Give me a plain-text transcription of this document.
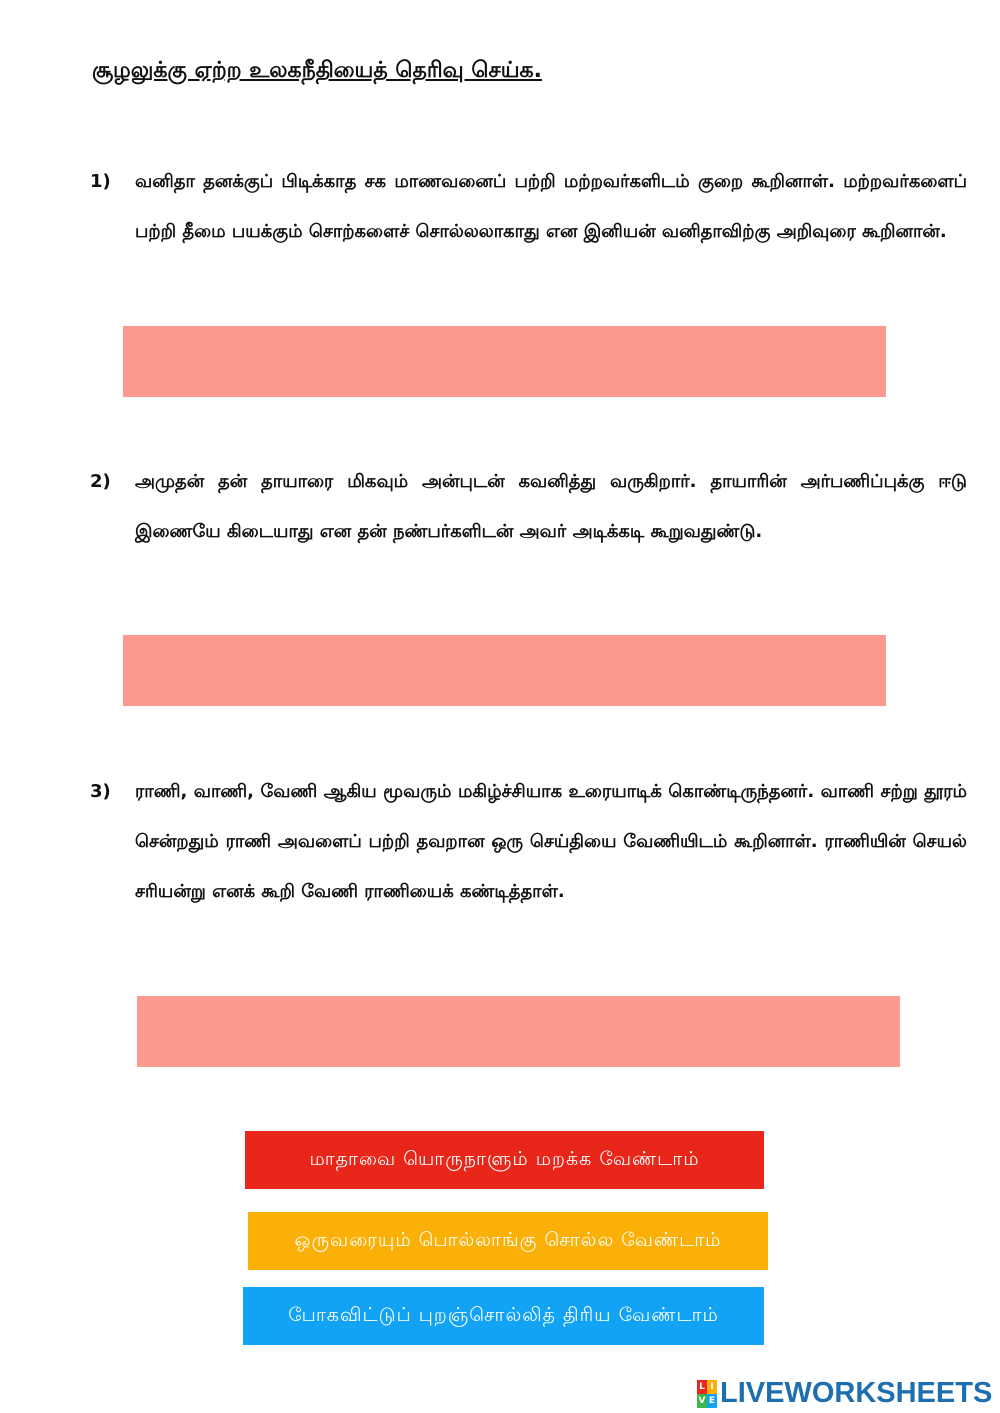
சூழலுக்கு ஏற்ற உலகநீதியைத் தெரிவு செய்க.
1) வனிதா தனக்குப் பிடிக்காத சக மாணவனைப் பற்றி மற்றவர்களிடம் குறை கூறினாள். மற்றவர்களைப் பற்றி தீமை பயக்கும் சொற்களைச் சொல்லலாகாது என இனியன் வனிதாவிற்கு அறிவுரை கூறினான்.
2) அமுதன் தன் தாயாரை மிகவும் அன்புடன் கவனித்து வருகிறார். தாயாரின் அர்பணிப்புக்கு ஈடு இணையே கிடையாது என தன் நண்பர்களிடன் அவர் அடிக்கடி கூறுவதுண்டு.
3) ராணி, வாணி, வேணி ஆகிய மூவரும் மகிழ்ச்சியாக உரையாடிக் கொண்டிருந்தனர். வாணி சற்று தூரம் சென்றதும் ராணி அவளைப் பற்றி தவறான ஒரு செய்தியை வேணியிடம் கூறினாள். ராணியின் செயல் சரியன்று எனக் கூறி வேணி ராணியைக் கண்டித்தாள்.
மாதாவை யொருநாளும் மறக்க வேண்டாம்
ஒருவரையும் பொல்லாங்கு சொல்ல வேண்டாம்
போகவிட்டுப் புறஞ்சொல்லித் திரிய வேண்டாம்
L I
V E LIVEWORKSHEETS
